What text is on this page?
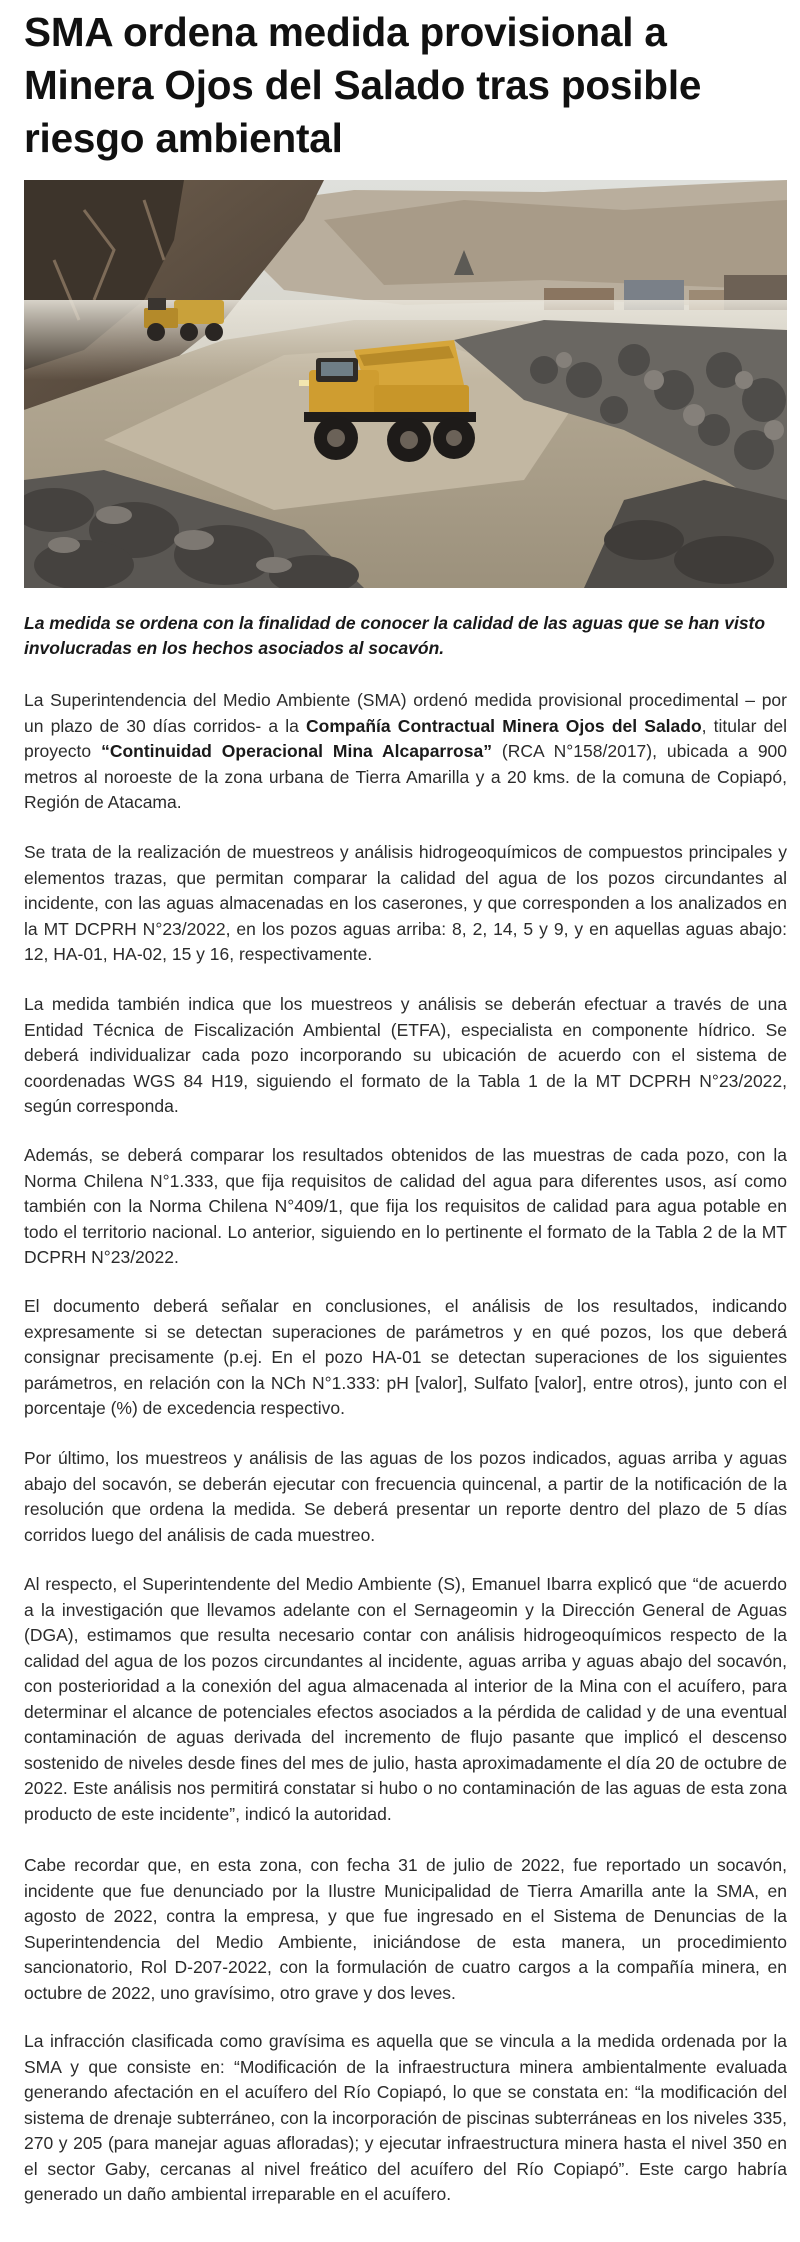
SMA ordena medida provisional a Minera Ojos del Salado tras posible riesgo ambiental

La medida se ordena con la finalidad de conocer la calidad de las aguas que se han visto involucradas en los hechos asociados al socavón.

La Superintendencia del Medio Ambiente (SMA) ordenó medida provisional procedimental – por un plazo de 30 días corridos- a la Compañía Contractual Minera Ojos del Salado, titular del proyecto “Continuidad Operacional Mina Alcaparrosa” (RCA N°158/2017), ubicada a 900 metros al noroeste de la zona urbana de Tierra Amarilla y a 20 kms. de la comuna de Copiapó, Región de Atacama.

Se trata de la realización de muestreos y análisis hidrogeoquímicos de compuestos principales y elementos trazas, que permitan comparar la calidad del agua de los pozos circundantes al incidente, con las aguas almacenadas en los caserones, y que corresponden a los analizados en la MT DCPRH N°23/2022, en los pozos aguas arriba: 8, 2, 14, 5 y 9, y en aquellas aguas abajo: 12, HA-01, HA-02, 15 y 16, respectivamente.

La medida también indica que los muestreos y análisis se deberán efectuar a través de una Entidad Técnica de Fiscalización Ambiental (ETFA), especialista en componente hídrico. Se deberá individualizar cada pozo incorporando su ubicación de acuerdo con el sistema de coordenadas WGS 84 H19, siguiendo el formato de la Tabla 1 de la MT DCPRH N°23/2022, según corresponda.

Además, se deberá comparar los resultados obtenidos de las muestras de cada pozo, con la Norma Chilena N°1.333, que fija requisitos de calidad del agua para diferentes usos, así como también con la Norma Chilena N°409/1, que fija los requisitos de calidad para agua potable en todo el territorio nacional. Lo anterior, siguiendo en lo pertinente el formato de la Tabla 2 de la MT DCPRH N°23/2022.

El documento deberá señalar en conclusiones, el análisis de los resultados, indicando expresamente si se detectan superaciones de parámetros y en qué pozos, los que deberá consignar precisamente (p.ej. En el pozo HA-01 se detectan superaciones de los siguientes parámetros, en relación con la NCh N°1.333: pH [valor], Sulfato [valor], entre otros), junto con el porcentaje (%) de excedencia respectivo.

Por último, los muestreos y análisis de las aguas de los pozos indicados, aguas arriba y aguas abajo del socavón, se deberán ejecutar con frecuencia quincenal, a partir de la notificación de la resolución que ordena la medida. Se deberá presentar un reporte dentro del plazo de 5 días corridos luego del análisis de cada muestreo.

Al respecto, el Superintendente del Medio Ambiente (S), Emanuel Ibarra explicó que “de acuerdo a la investigación que llevamos adelante con el Sernageomin y la Dirección General de Aguas (DGA), estimamos que resulta necesario contar con análisis hidrogeoquímicos respecto de la calidad del agua de los pozos circundantes al incidente, aguas arriba y aguas abajo del socavón, con posterioridad a la conexión del agua almacenada al interior de la Mina con el acuífero, para determinar el alcance de potenciales efectos asociados a la pérdida de calidad y de una eventual contaminación de aguas derivada del incremento de flujo pasante que implicó el descenso sostenido de niveles desde fines del mes de julio, hasta aproximadamente el día 20 de octubre de 2022. Este análisis nos permitirá constatar si hubo o no contaminación de las aguas de esta zona producto de este incidente”, indicó la autoridad.

Cabe recordar que, en esta zona, con fecha 31 de julio de 2022, fue reportado un socavón, incidente que fue denunciado por la Ilustre Municipalidad de Tierra Amarilla ante la SMA, en agosto de 2022, contra la empresa, y que fue ingresado en el Sistema de Denuncias de la Superintendencia del Medio Ambiente, iniciándose de esta manera, un procedimiento sancionatorio, Rol D-207-2022, con la formulación de cuatro cargos a la compañía minera, en octubre de 2022, uno gravísimo, otro grave y dos leves.

La infracción clasificada como gravísima es aquella que se vincula a la medida ordenada por la SMA y que consiste en: “Modificación de la infraestructura minera ambientalmente evaluada generando afectación en el acuífero del Río Copiapó, lo que se constata en: “la modificación del sistema de drenaje subterráneo, con la incorporación de piscinas subterráneas en los niveles 335, 270 y 205 (para manejar aguas afloradas); y ejecutar infraestructura minera hasta el nivel 350 en el sector Gaby, cercanas al nivel freático del acuífero del Río Copiapó”. Este cargo habría generado un daño ambiental irreparable en el acuífero.
